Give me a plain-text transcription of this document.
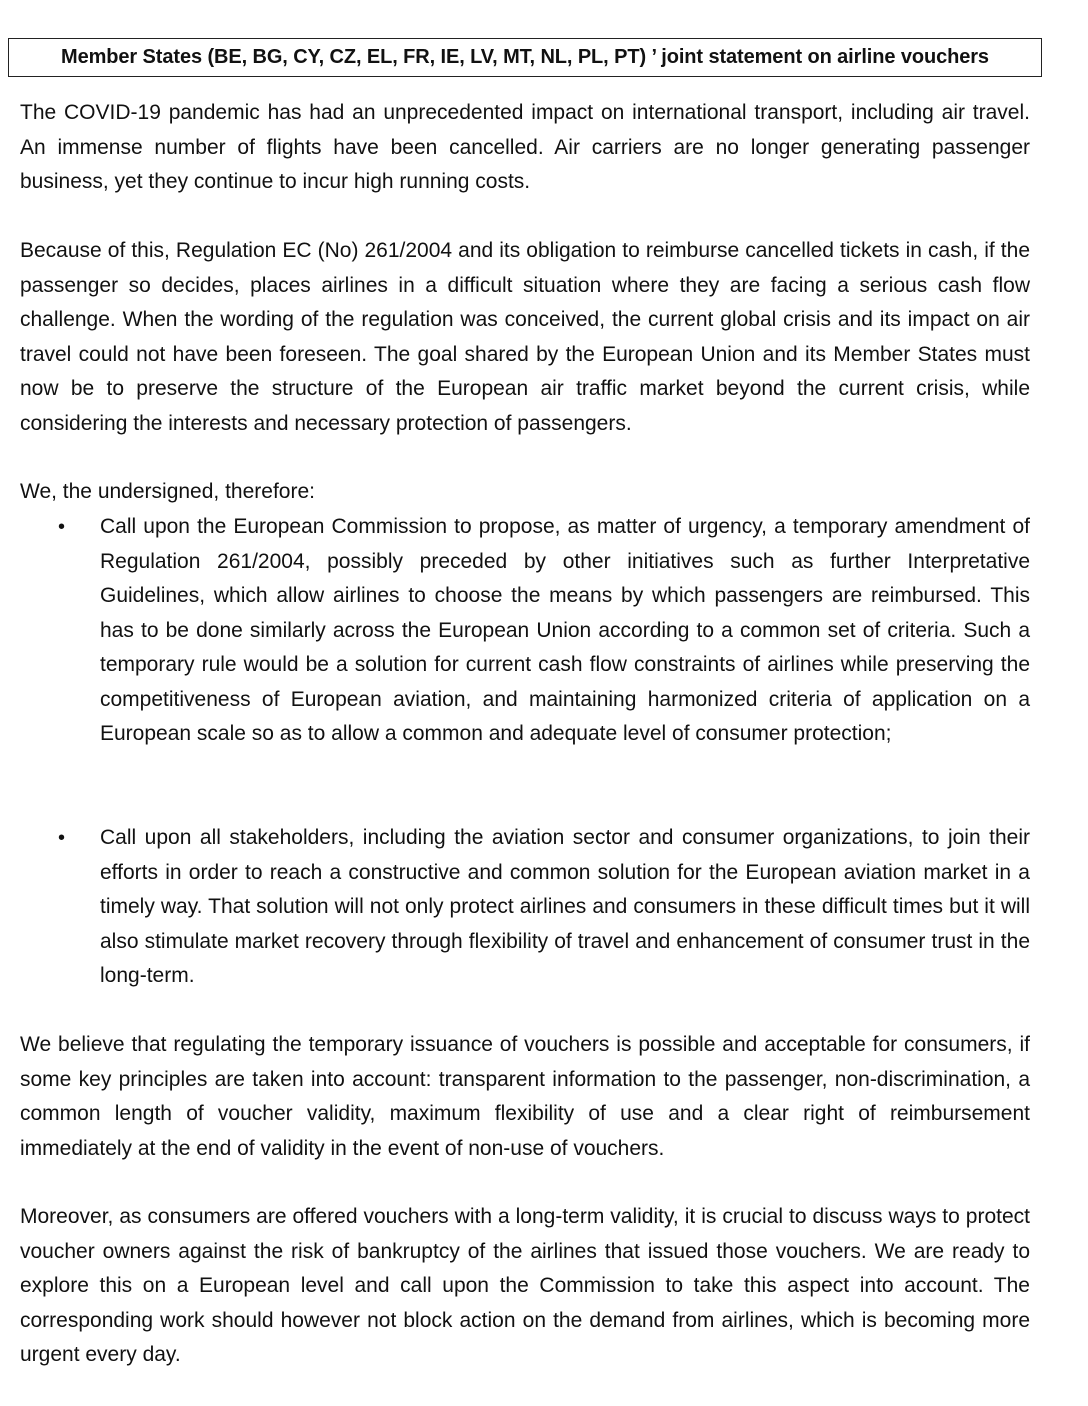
Member States (BE, BG, CY, CZ, EL, FR, IE, LV, MT, NL, PL, PT) ’ joint statement on airline vouchers

The COVID-19 pandemic has had an unprecedented impact on international transport, including air travel. An immense number of flights have been cancelled. Air carriers are no longer generating passenger business, yet they continue to incur high running costs.

Because of this, Regulation EC (No) 261/2004 and its obligation to reimburse cancelled tickets in cash, if the passenger so decides, places airlines in a difficult situation where they are facing a serious cash flow challenge. When the wording of the regulation was conceived, the current global crisis and its impact on air travel could not have been foreseen. The goal shared by the European Union and its Member States must now be to preserve the structure of the European air traffic market beyond the current crisis, while considering the interests and necessary protection of passengers.

We, the undersigned, therefore:

•	Call upon the European Commission to propose, as matter of urgency, a temporary amendment of Regulation 261/2004, possibly preceded by other initiatives such as further Interpretative Guidelines, which allow airlines to choose the means by which passengers are reimbursed. This has to be done similarly across the European Union according to a common set of criteria. Such a temporary rule would be a solution for current cash flow constraints of airlines while preserving the competitiveness of European aviation, and maintaining harmonized criteria of application on a European scale so as to allow a common and adequate level of consumer protection;

•	Call upon all stakeholders, including the aviation sector and consumer organizations, to join their efforts in order to reach a constructive and common solution for the European aviation market in a timely way. That solution will not only protect airlines and consumers in these difficult times but it will also stimulate market recovery through flexibility of travel and enhancement of consumer trust in the long-term.

We believe that regulating the temporary issuance of vouchers is possible and acceptable for consumers, if some key principles are taken into account: transparent information to the passenger, non-discrimination, a common length of voucher validity, maximum flexibility of use and a clear right of reimbursement immediately at the end of validity in the event of non-use of vouchers.

Moreover, as consumers are offered vouchers with a long-term validity, it is crucial to discuss ways to protect voucher owners against the risk of bankruptcy of the airlines that issued those vouchers. We are ready to explore this on a European level and call upon the Commission to take this aspect into account. The corresponding work should however not block action on the demand from airlines, which is becoming more urgent every day.
